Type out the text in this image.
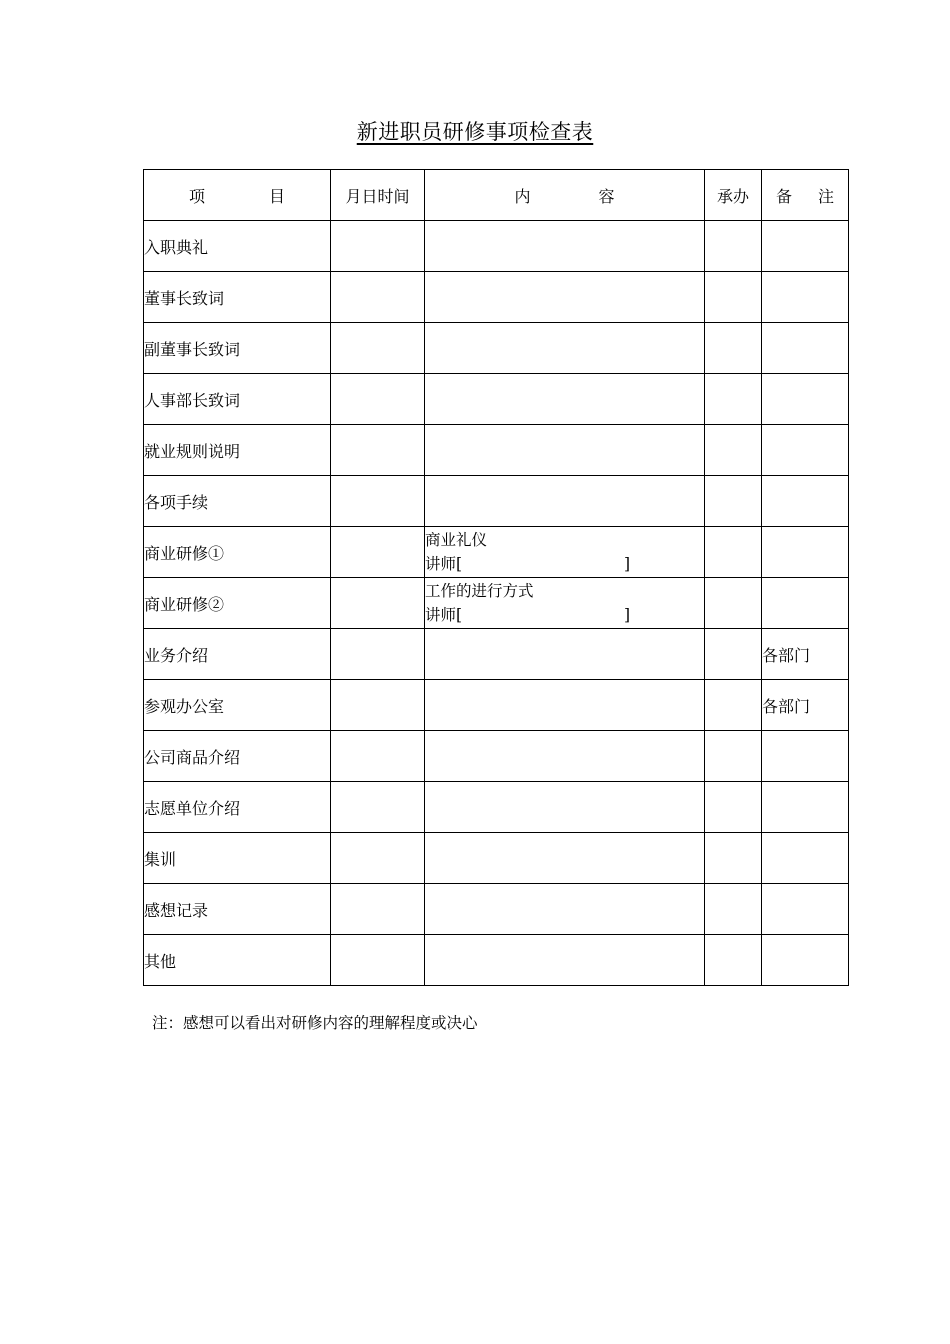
新进职员研修事项检查表
项 目	月日时间	内 容	承办	备 注
入职典礼				
董事长致词				
副董事长致词				
人事部长致词				
就业规则说明				
各项手续				
商业研修①		商业礼仪
讲师[ ]		

商业研修②		工作的进行方式
讲师[ ]		

业务介绍				各部门
参观办公室				各部门
公司商品介绍				
志愿单位介绍				
集训				
感想记录				
其他				
注：感想可以看出对研修内容的理解程度或决心
